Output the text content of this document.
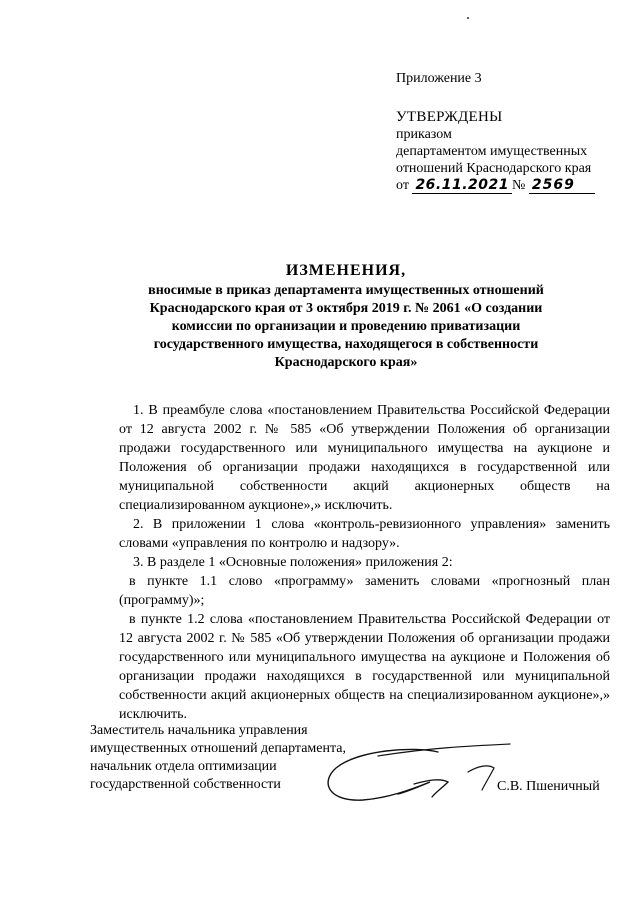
Приложение 3
УТВЕРЖДЕНЫ
приказом
департаментом имущественных
отношений Краснодарского края
от 26.11.2021 № 2569
ИЗМЕНЕНИЯ,
вносимые в приказ департамента имущественных отношений Краснодарского края от 3 октября 2019 г. № 2061 «О создании комиссии по организации и проведению приватизации государственного имущества, находящегося в собственности Краснодарского края»

1. В преамбуле слова «постановлением Правительства Российской Федерации от 12 августа 2002 г. № 585 «Об утверждении Положения об организации продажи государственного или муниципального имущества на аукционе и Положения об организации продажи находящихся в государственной или муниципальной собственности акций акционерных обществ на специализированном аукционе»,» исключить.

2. В приложении 1 слова «контроль-ревизионного управления» заменить словами «управления по контролю и надзору».

3. В разделе 1 «Основные положения» приложения 2:

в пункте 1.1 слово «программу» заменить словами «прогнозный план (программу)»;

в пункте 1.2 слова «постановлением Правительства Российской Федерации от 12 августа 2002 г. № 585 «Об утверждении Положения об организации продажи государственного или муниципального имущества на аукционе и Положения об организации продажи находящихся в государственной или муниципальной собственности акций акционерных обществ на специализированном аукционе»,» исключить.

Заместитель начальника управления
имущественных отношений департамента,
начальник отдела оптимизации
государственной собственности	С.В. Пшеничный
